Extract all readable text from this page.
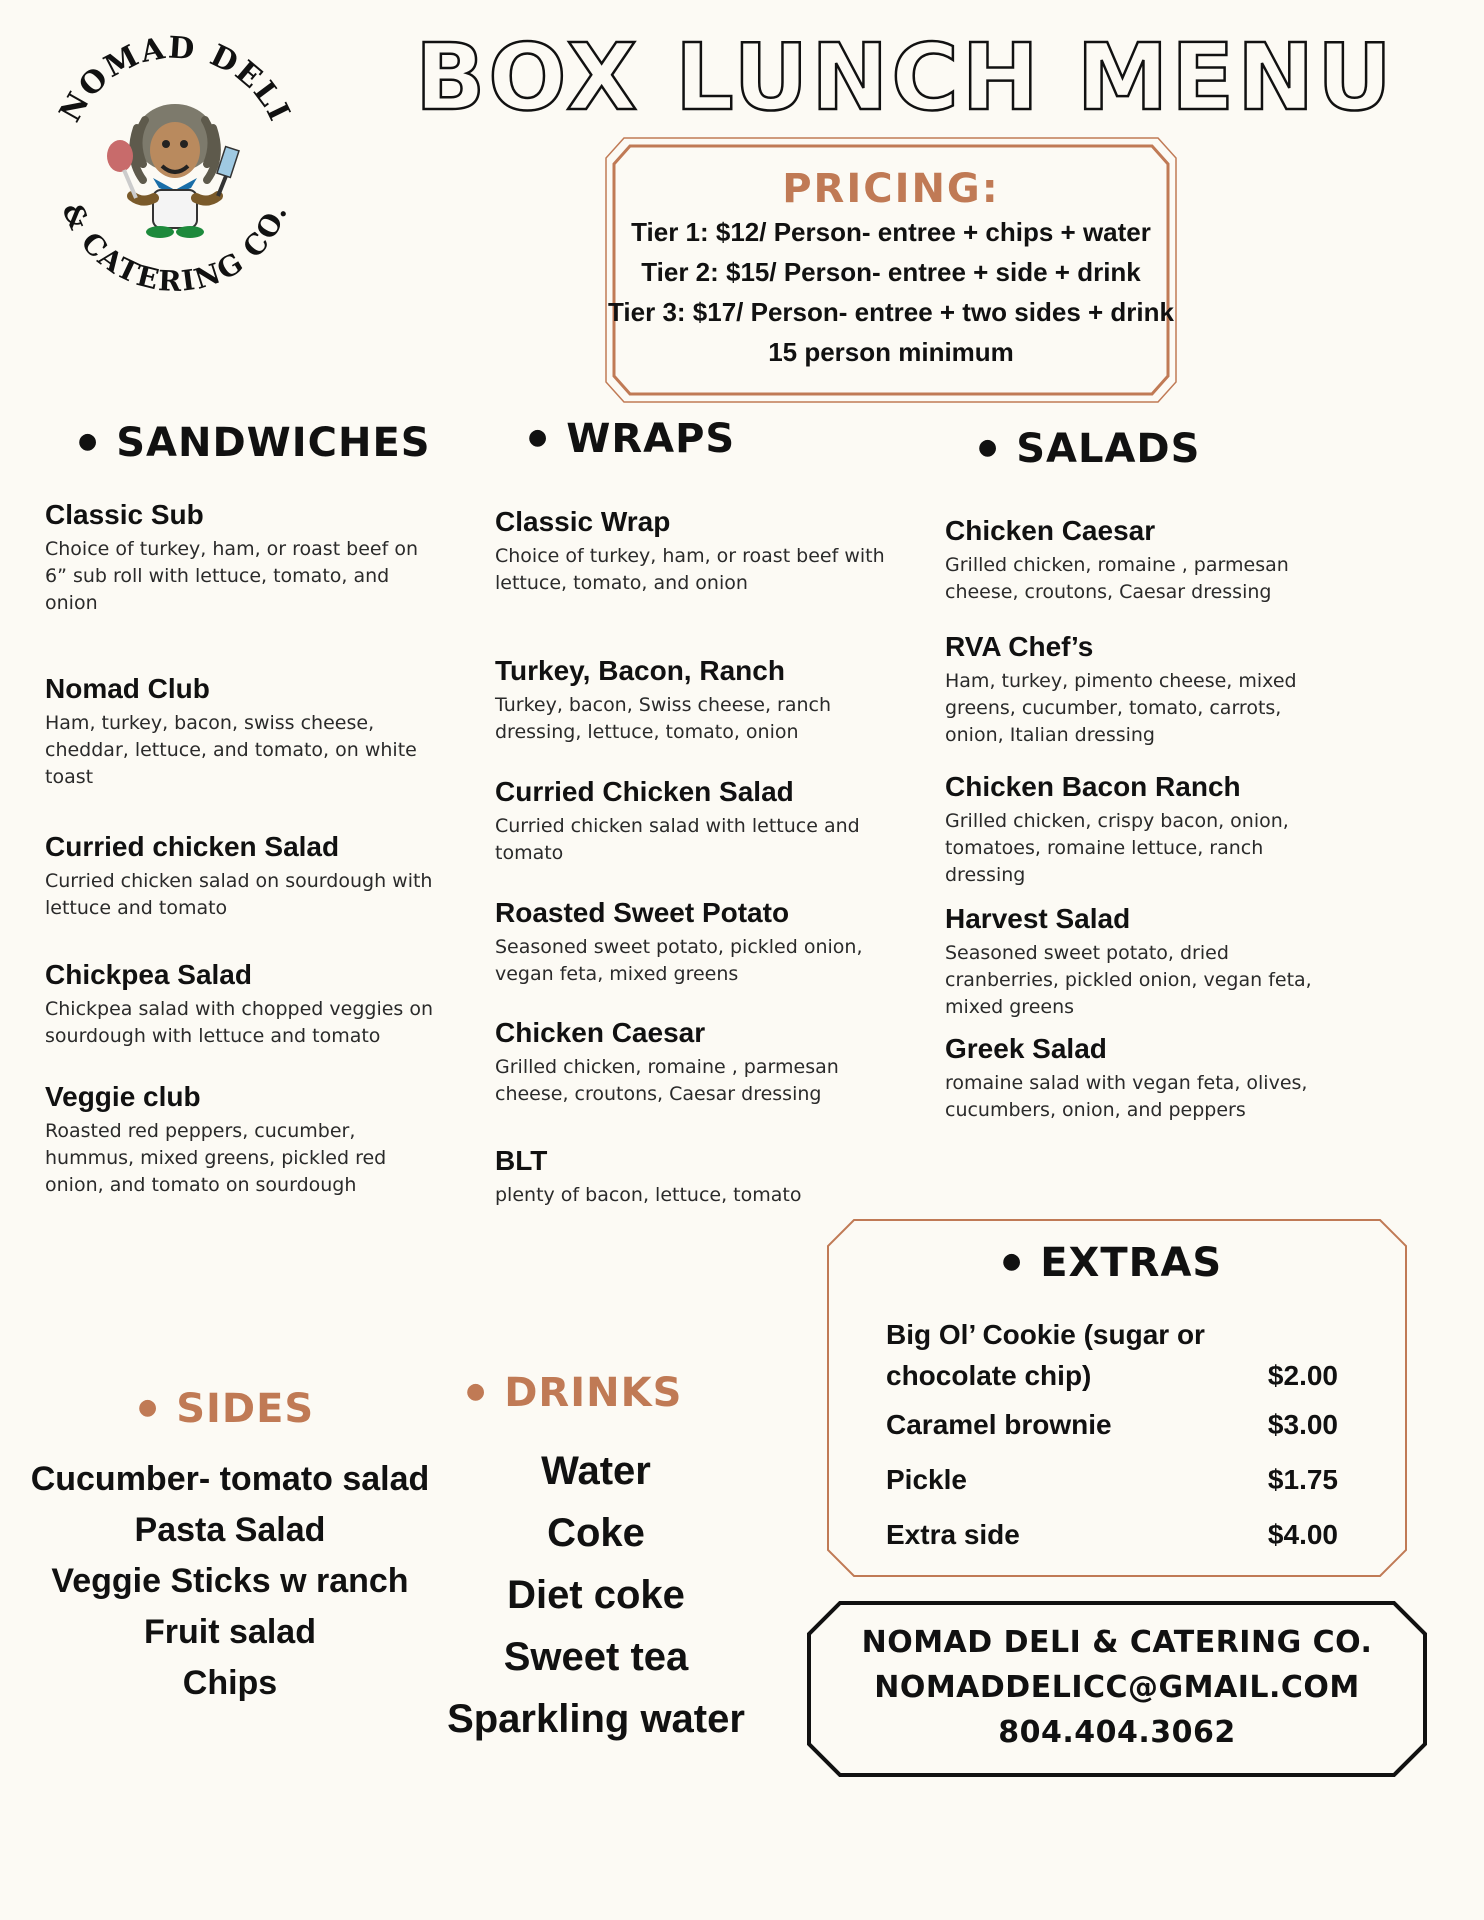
NOMAD DELI
& CATERING CO.
BOX LUNCH MENU
PRICING:
Tier 1: $12/ Person- entree + chips + water
Tier 2: $15/ Person- entree + side + drink
Tier 3: $17/ Person- entree + two sides + drink
15 person minimum
● SANDWICHES
Classic Sub
Choice of turkey, ham, or roast beef on 6” sub roll with lettuce, tomato, and onion
Nomad Club
Ham, turkey, bacon, swiss cheese, cheddar, lettuce, and tomato, on white toast
Curried chicken Salad
Curried chicken salad on sourdough with lettuce and tomato
Chickpea Salad
Chickpea salad with chopped veggies on sourdough with lettuce and tomato
Veggie club
Roasted red peppers, cucumber, hummus, mixed greens, pickled red onion, and tomato on sourdough
● WRAPS
Classic Wrap
Choice of turkey, ham, or roast beef with lettuce, tomato, and onion
Turkey, Bacon, Ranch
Turkey, bacon, Swiss cheese, ranch dressing, lettuce, tomato, onion
Curried Chicken Salad
Curried chicken salad with lettuce and tomato
Roasted Sweet Potato
Seasoned sweet potato, pickled onion, vegan feta, mixed greens
Chicken Caesar
Grilled chicken, romaine , parmesan cheese, croutons, Caesar dressing
BLT
plenty of bacon, lettuce, tomato
● SALADS
Chicken Caesar
Grilled chicken, romaine , parmesan cheese, croutons, Caesar dressing
RVA Chef’s
Ham, turkey, pimento cheese, mixed greens, cucumber, tomato, carrots, onion, Italian dressing
Chicken Bacon Ranch
Grilled chicken, crispy bacon, onion, tomatoes, romaine lettuce, ranch dressing
Harvest Salad
Seasoned sweet potato, dried cranberries, pickled onion, vegan feta, mixed greens
Greek Salad
romaine salad with vegan feta, olives, cucumbers, onion, and peppers
● EXTRAS
Big Ol’ Cookie (sugar or chocolate chip)	$2.00
Caramel brownie	$3.00
Pickle	$1.75
Extra side	$4.00
● SIDES
Cucumber- tomato salad
Pasta Salad
Veggie Sticks w ranch
Fruit salad
Chips
● DRINKS
Water
Coke
Diet coke
Sweet tea
Sparkling water
NOMAD DELI & CATERING CO.
NOMADDELICC@GMAIL.COM
804.404.3062
